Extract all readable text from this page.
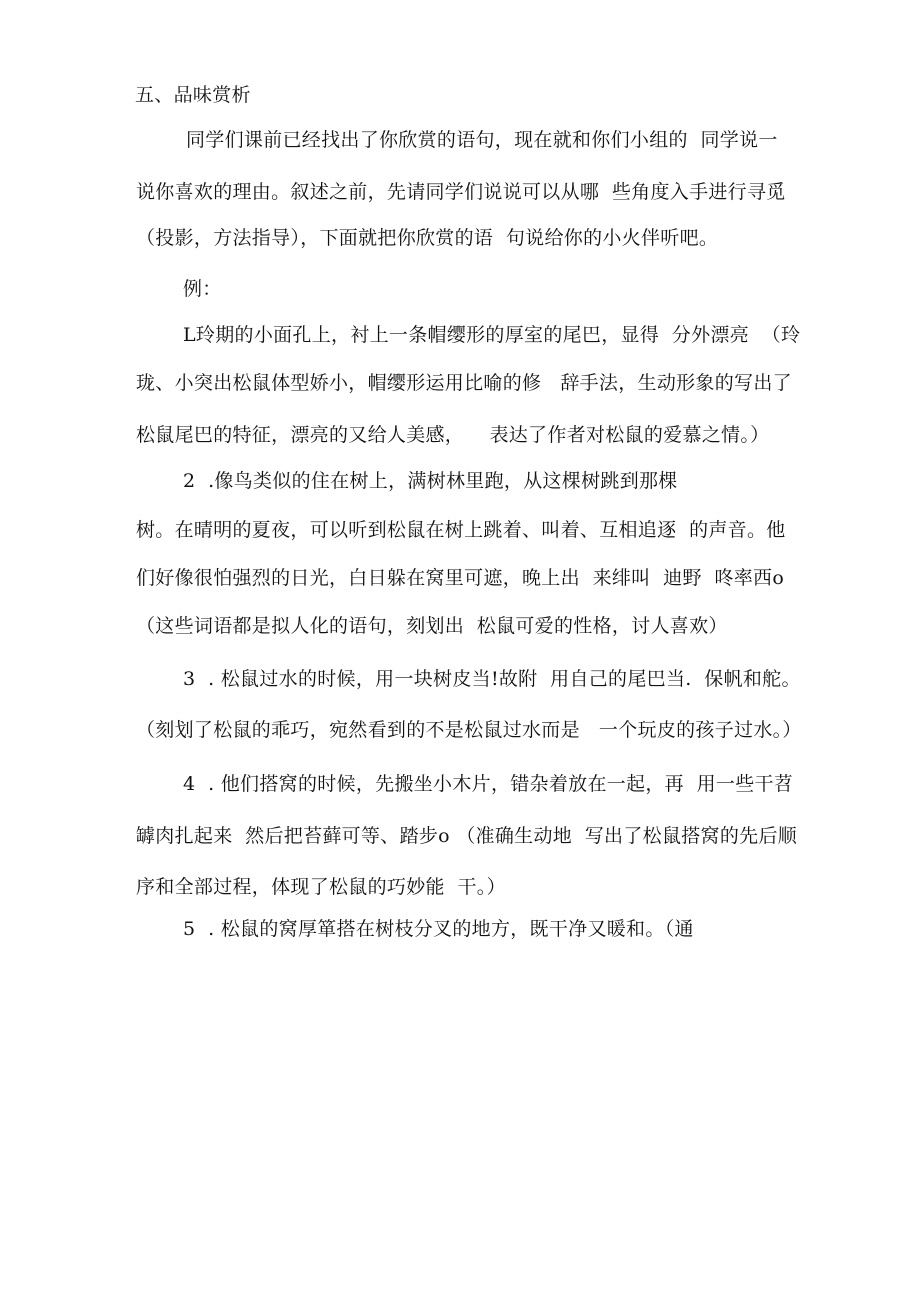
五、品味赏析
同学们课前已经找出了你欣赏的语句，现在就和你们小组的  同学说一
说你喜欢的理由。叙述之前，先请同学们说说可以从哪  些角度入手进行寻觅
（投影，方法指导），下面就把你欣赏的语  句说给你的小火伴听吧。
例：
L玲期的小面孔上，衬上一条帽缨形的厚室的尾巴，显得  分外漂亮  （玲
珑、小突出松鼠体型娇小，帽缨形运用比喻的修   辞手法，生动形象的写出了
松鼠尾巴的特征，漂亮的又给人美感，    表达了作者对松鼠的爱慕之情。）
2  .像鸟类似的住在树上，满树林里跑，从这棵树跳到那棵
树。在晴明的夏夜，可以听到松鼠在树上跳着、叫着、互相追逐  的声音。他
们好像很怕强烈的日光，白日躲在窝里可遮，晚上出  来绯叫  迪野  咚率西o
（这些词语都是拟人化的语句，刻划出  松鼠可爱的性格，讨人喜欢）
3  . 松鼠过水的时候，用一块树皮当!故附  用自己的尾巴当.  保帆和舵。
（刻划了松鼠的乖巧，宛然看到的不是松鼠过水而是   一个玩皮的孩子过水。）
4  . 他们搭窝的时候，先搬坐小木片，错杂着放在一起，再  用一些干苕
罅肉扎起来  然后把苔藓可等、踏步o （准确生动地  写出了松鼠搭窝的先后顺
序和全部过程，体现了松鼠的巧妙能  干。）
5  . 松鼠的窝厚箪搭在树枝分叉的地方，既干净又暖和。（通
